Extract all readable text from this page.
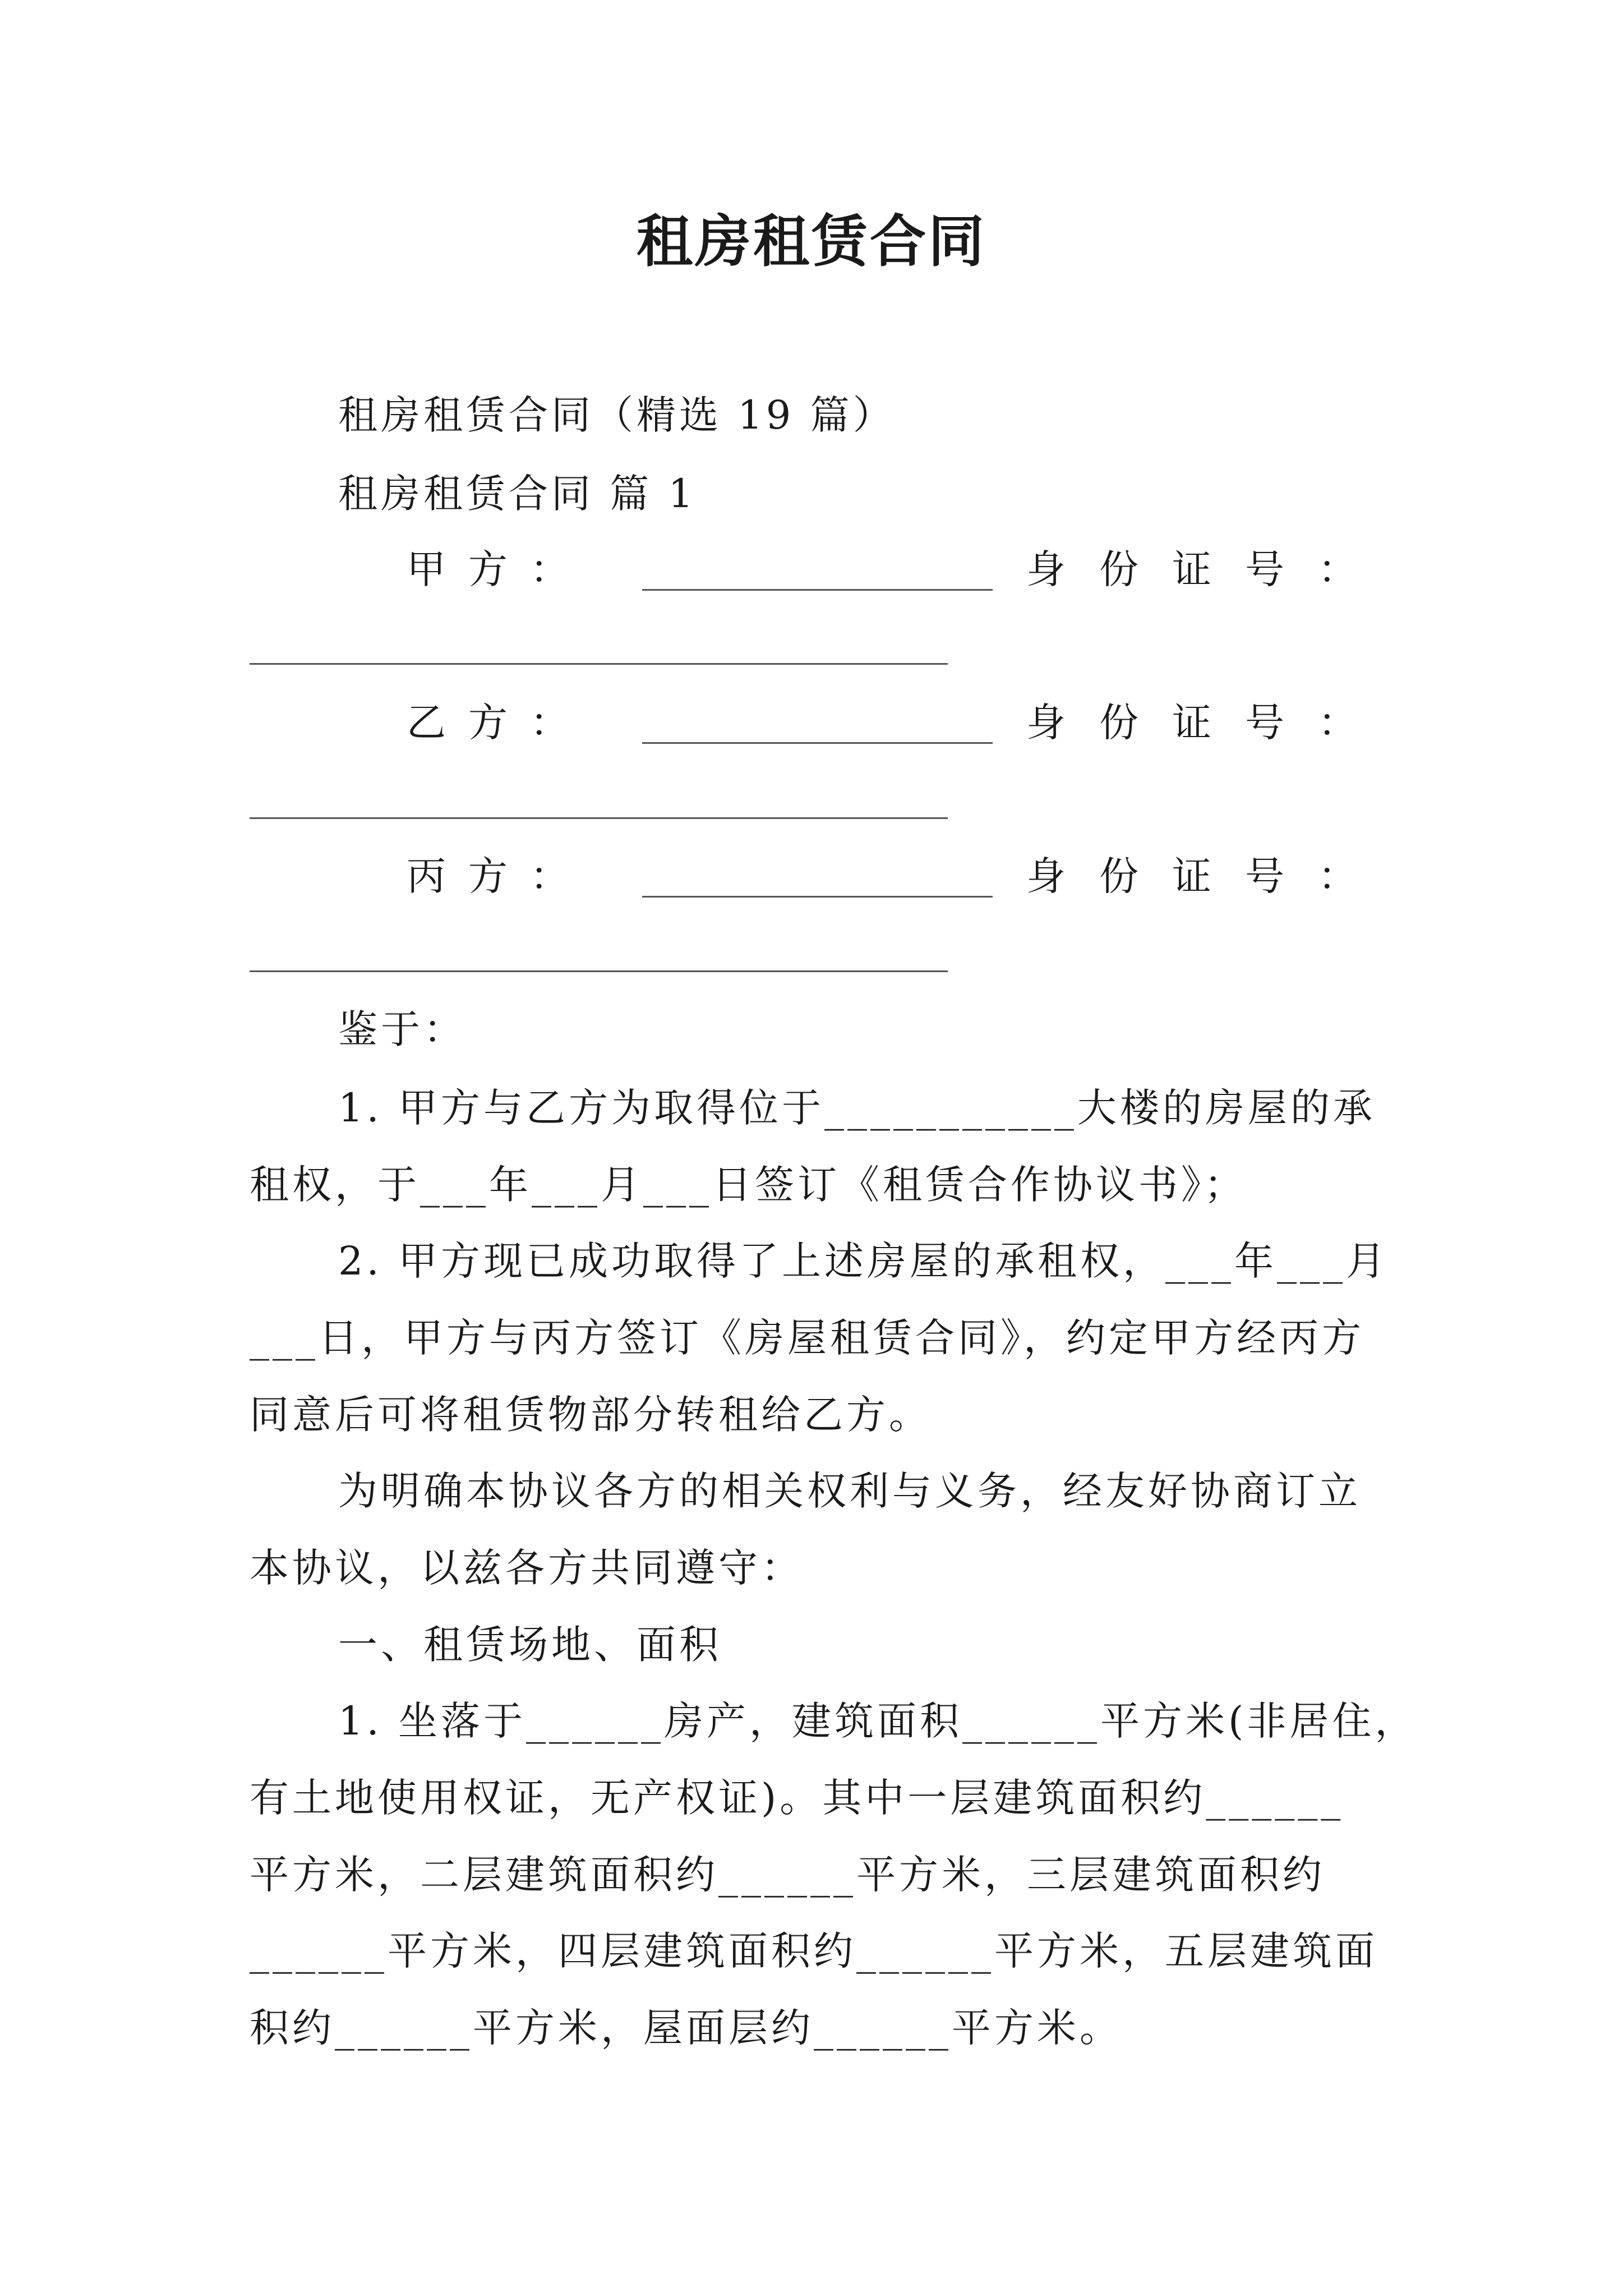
租房租赁合同
租房租赁合同（精选 19 篇）
租房租赁合同 篇 1
甲 方 ：	身 份 证 号 ：
乙 方 ：	身 份 证 号 ：
丙 方 ：	身 份 证 号 ：
鉴于：
1. 甲方与乙方为取得位于___________大楼的房屋的承
租权，于___年___月___日签订《租赁合作协议书》；
2. 甲方现已成功取得了上述房屋的承租权，___年___月
___日，甲方与丙方签订《房屋租赁合同》，约定甲方经丙方
同意后可将租赁物部分转租给乙方。
为明确本协议各方的相关权利与义务，经友好协商订立
本协议，以兹各方共同遵守：
一、租赁场地、面积
1. 坐落于______房产，建筑面积______平方米(非居住，
有土地使用权证，无产权证)。其中一层建筑面积约______
平方米，二层建筑面积约______平方米，三层建筑面积约
______平方米，四层建筑面积约______平方米，五层建筑面
积约______平方米，屋面层约______平方米。
